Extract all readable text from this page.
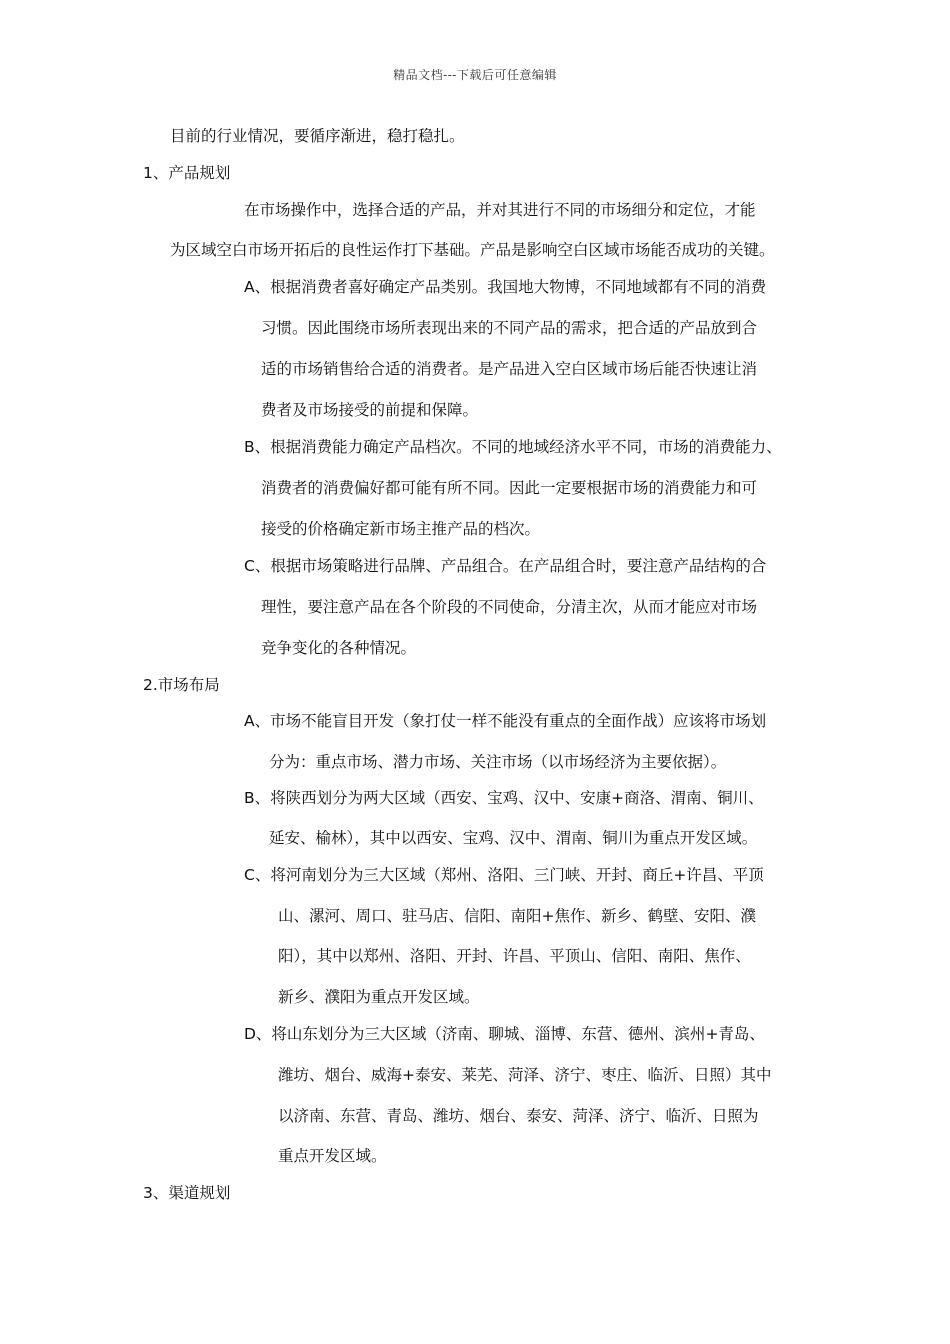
精品文档---下载后可任意编辑
目前的行业情况，要循序渐进，稳打稳扎。
1、产品规划
在市场操作中，选择合适的产品，并对其进行不同的市场细分和定位，才能
为区域空白市场开拓后的良性运作打下基础。产品是影响空白区域市场能否成功的关键。
A、根据消费者喜好确定产品类别。我国地大物博，不同地域都有不同的消费
习惯。因此围绕市场所表现出来的不同产品的需求，把合适的产品放到合
适的市场销售给合适的消费者。是产品进入空白区域市场后能否快速让消
费者及市场接受的前提和保障。
B、根据消费能力确定产品档次。不同的地域经济水平不同，市场的消费能力、
消费者的消费偏好都可能有所不同。因此一定要根据市场的消费能力和可
接受的价格确定新市场主推产品的档次。
C、根据市场策略进行品牌、产品组合。在产品组合时，要注意产品结构的合
理性，要注意产品在各个阶段的不同使命，分清主次，从而才能应对市场
竞争变化的各种情况。
2.市场布局
A、市场不能盲目开发（象打仗一样不能没有重点的全面作战）应该将市场划
分为：重点市场、潜力市场、关注市场（以市场经济为主要依据）。
B、将陕西划分为两大区域（西安、宝鸡、汉中、安康+商洛、渭南、铜川、
延安、榆林），其中以西安、宝鸡、汉中、渭南、铜川为重点开发区域。
C、将河南划分为三大区域（郑州、洛阳、三门峡、开封、商丘+许昌、平顶
山、漯河、周口、驻马店、信阳、南阳+焦作、新乡、鹤壁、安阳、濮
阳），其中以郑州、洛阳、开封、许昌、平顶山、信阳、南阳、焦作、
新乡、濮阳为重点开发区域。
D、将山东划分为三大区域（济南、聊城、淄博、东营、德州、滨州+青岛、
潍坊、烟台、威海+泰安、莱芜、菏泽、济宁、枣庄、临沂、日照）其中
以济南、东营、青岛、潍坊、烟台、泰安、菏泽、济宁、临沂、日照为
重点开发区域。
3、渠道规划
